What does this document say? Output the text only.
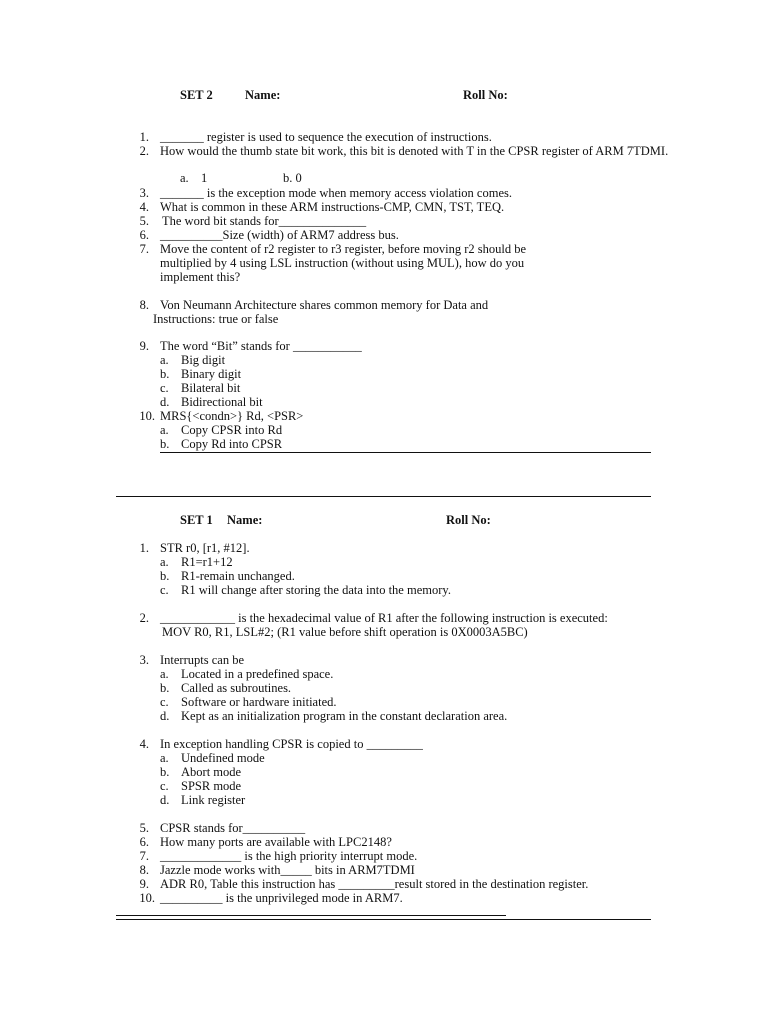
SET 2	Name:	Roll No:
1. _______ register is used to sequence the execution of instructions.
2. How would the thumb state bit work, this bit is denoted with T in the CPSR register of ARM 7TDMI.
a. 1	b. 0
3. _______ is the exception mode when memory access violation comes.
4. What is common in these ARM instructions-CMP, CMN, TST, TEQ.
5. The word bit stands for______________
6. __________Size (width) of ARM7 address bus.
7. Move the content of r2 register to r3 register, before moving r2 should be
multiplied by 4 using LSL instruction (without using MUL), how do you
implement this?
8. Von Neumann Architecture shares common memory for Data and
Instructions: true or false
9. The word “Bit” stands for ___________
a. Big digit
b. Binary digit
c. Bilateral bit
d. Bidirectional bit
10. MRS{<condn>} Rd, <PSR>
a. Copy CPSR into Rd
b. Copy Rd into CPSR
SET 1 Name:	Roll No:
1. STR r0, [r1, #12].
a. R1=r1+12
b. R1-remain unchanged.
c. R1 will change after storing the data into the memory.
2. ____________ is the hexadecimal value of R1 after the following instruction is executed:
MOV R0, R1, LSL#2; (R1 value before shift operation is 0X0003A5BC)
3. Interrupts can be
a. Located in a predefined space.
b. Called as subroutines.
c. Software or hardware initiated.
d. Kept as an initialization program in the constant declaration area.
4. In exception handling CPSR is copied to _________
a. Undefined mode
b. Abort mode
c. SPSR mode
d. Link register
5. CPSR stands for__________
6. How many ports are available with LPC2148?
7. _____________ is the high priority interrupt mode.
8. Jazzle mode works with_____ bits in ARM7TDMI
9. ADR R0, Table this instruction has _________result stored in the destination register.
10. __________ is the unprivileged mode in ARM7.
